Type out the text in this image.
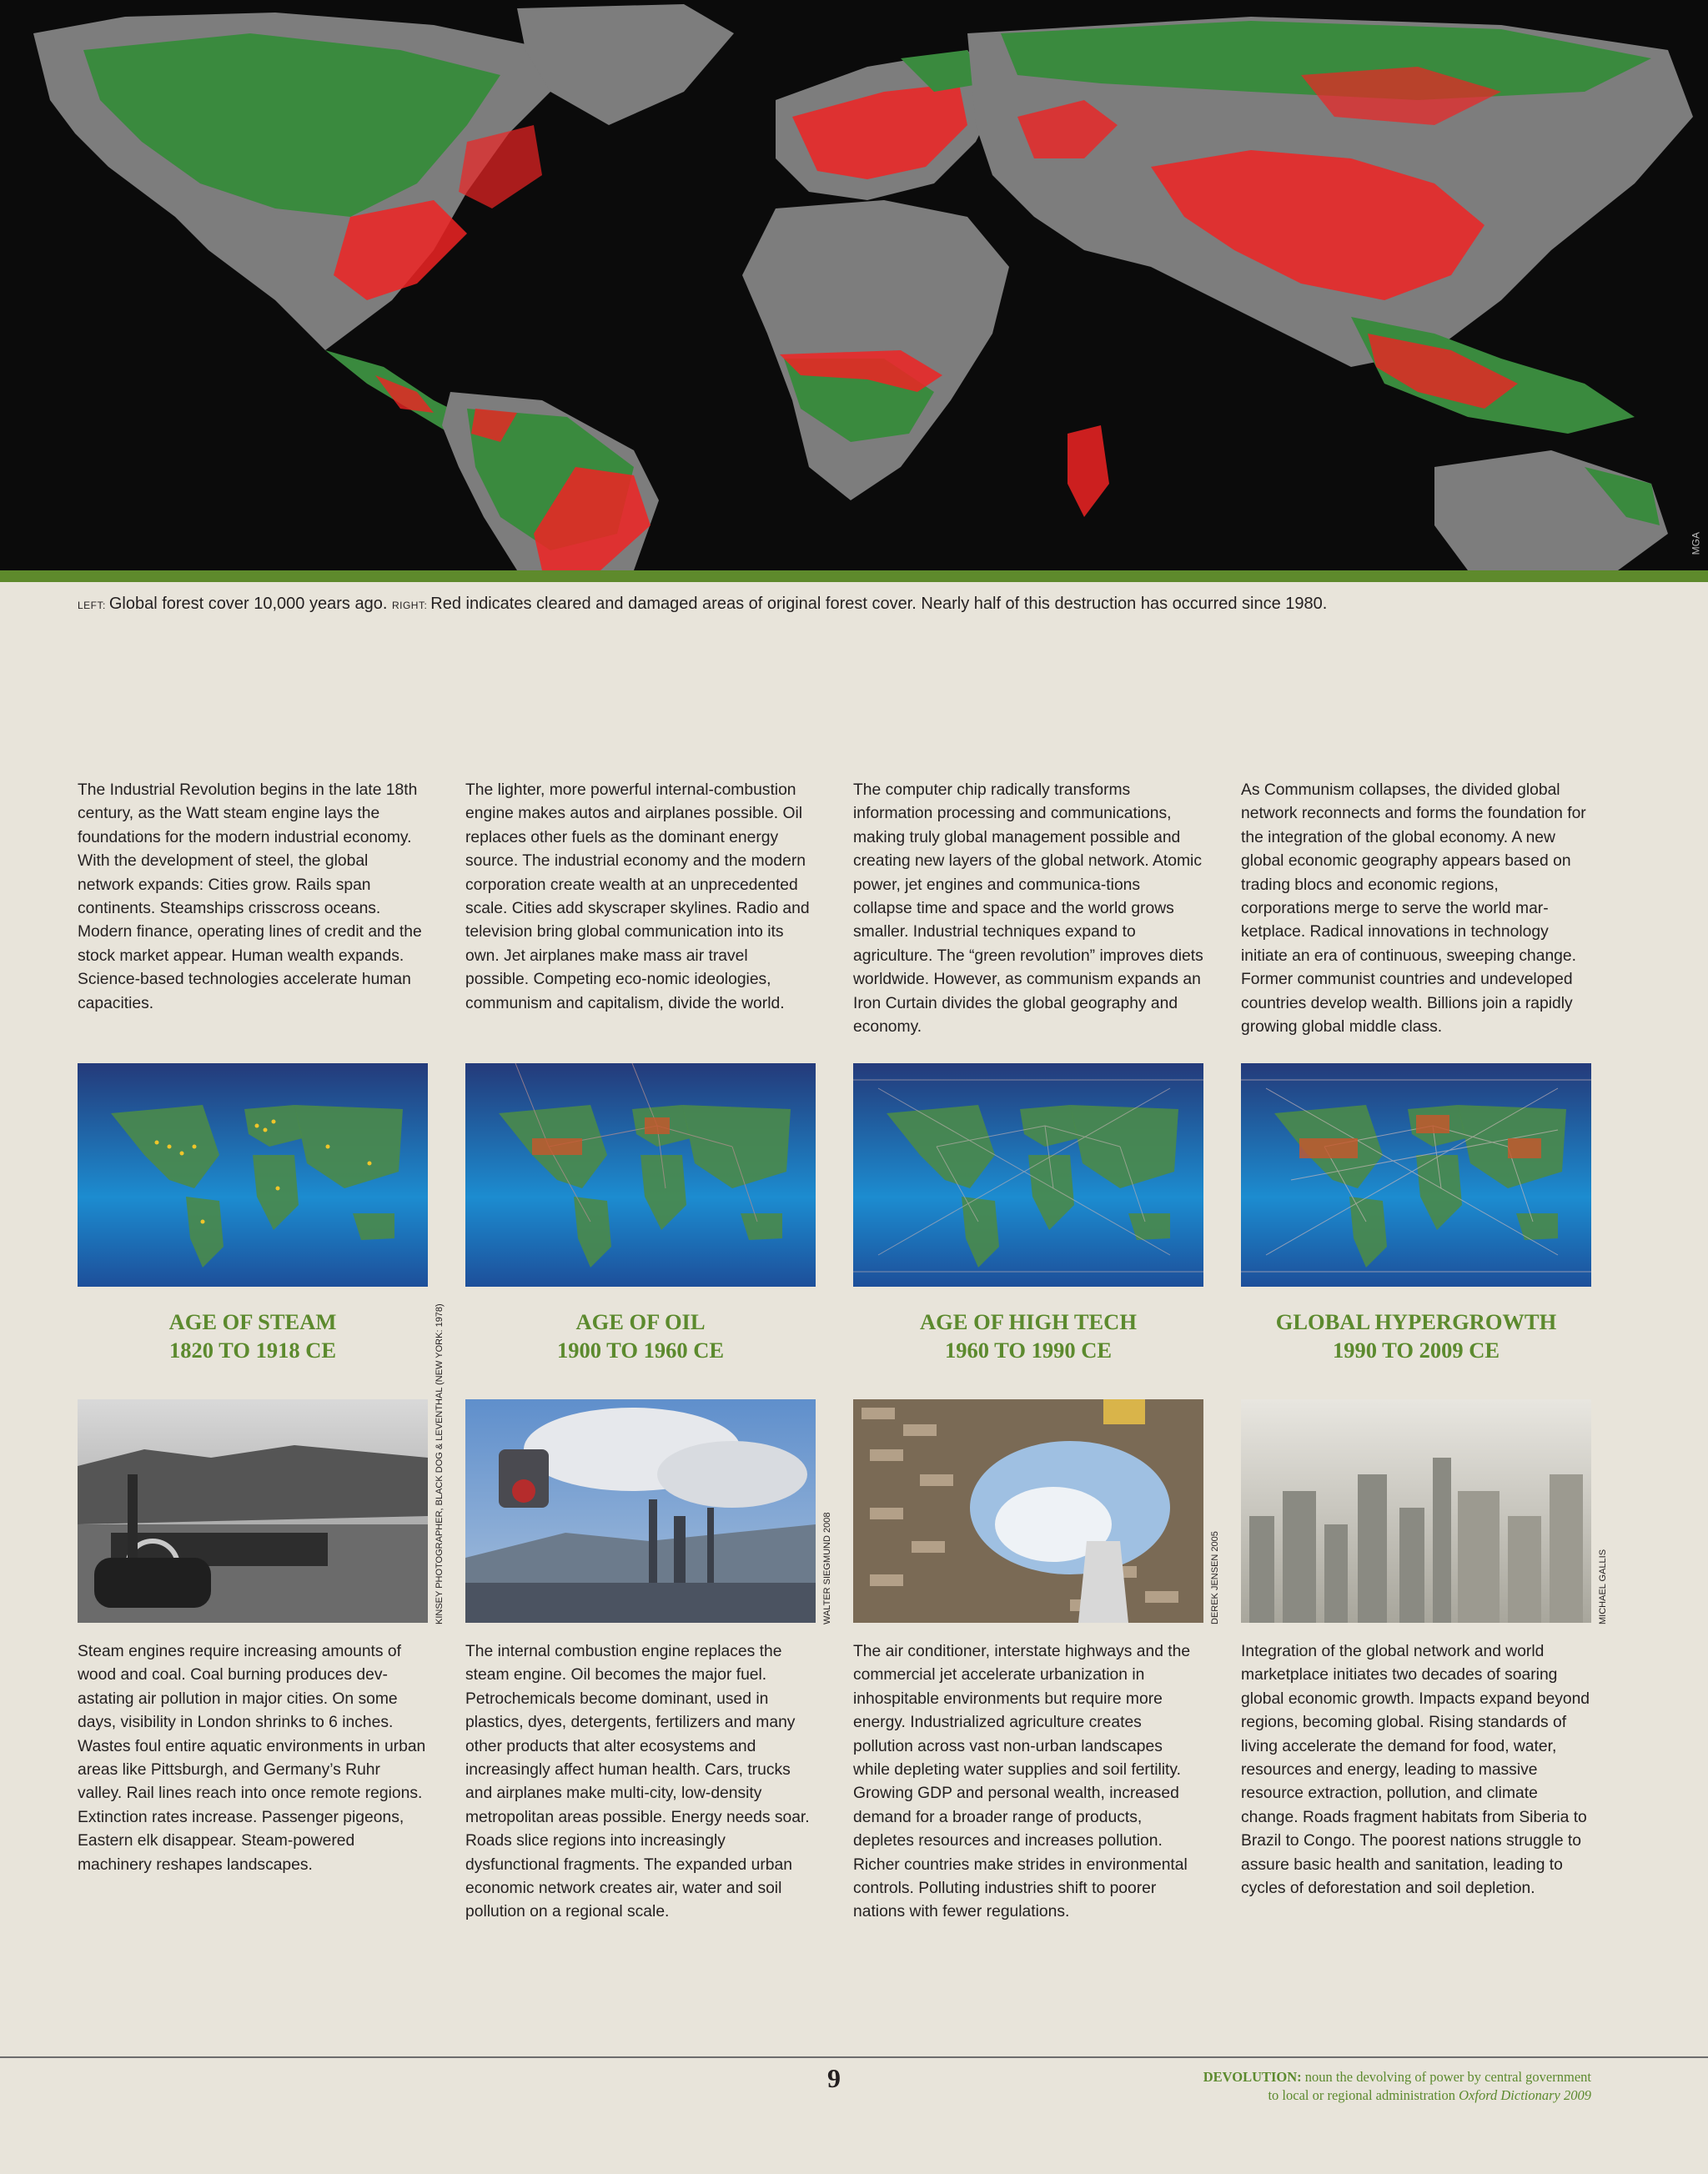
MGA
LEFT: Global forest cover 10,000 years ago. RIGHT: Red indicates cleared and damaged areas of original forest cover. Nearly half of this destruction has occurred since 1980.
The Industrial Revolution begins in the late 18th century, as the Watt steam engine lays the foundations for the modern industrial economy. With the development of steel, the global network expands: Cities grow. Rails span continents. Steamships crisscross oceans. Modern finance, operating lines of credit and the stock market appear. Human wealth expands. Science-based technologies accelerate human capacities.
AGE OF STEAM
1820 TO 1918 CE	KINSEY PHOTOGRAPHER, BLACK DOG & LEVENTHAL (NEW YORK: 1978)
Steam engines require increasing amounts of wood and coal. Coal burning produces dev-astating air pollution in major cities. On some days, visibility in London shrinks to 6 inches. Wastes foul entire aquatic environments in urban areas like Pittsburgh, and Germany’s Ruhr valley. Rail lines reach into once remote regions. Extinction rates increase. Passenger pigeons, Eastern elk disappear. Steam-powered machinery reshapes landscapes.
The lighter, more powerful internal-combustion engine makes autos and airplanes possible. Oil replaces other fuels as the dominant energy source. The industrial economy and the modern corporation create wealth at an unprecedented scale. Cities add skyscraper skylines. Radio and television bring global communication into its own. Jet airplanes make mass air travel possible. Competing eco-nomic ideologies, communism and capitalism, divide the world.
AGE OF OIL
1900 TO 1960 CE
WALTER SIEGMUND 2008
The internal combustion engine replaces the steam engine. Oil becomes the major fuel. Petrochemicals become dominant, used in plastics, dyes, detergents, fertilizers and many other products that alter ecosystems and increasingly affect human health. Cars, trucks and airplanes make multi-city, low-density metropolitan areas possible. Energy needs soar. Roads slice regions into increasingly dysfunctional fragments. The expanded urban economic network creates air, water and soil pollution on a regional scale.
The computer chip radically transforms information processing and communications, making truly global management possible and creating new layers of the global network. Atomic power, jet engines and communica-tions collapse time and space and the world grows smaller. Industrial techniques expand to agriculture. The “green revolution” improves diets worldwide. However, as communism expands an Iron Curtain divides the global geography and economy.
AGE OF HIGH TECH
1960 TO 1990 CE
DEREK JENSEN 2005
The air conditioner, interstate highways and the commercial jet accelerate urbanization in inhospitable environments but require more energy. Industrialized agriculture creates pollution across vast non-urban landscapes while depleting water supplies and soil fertility. Growing GDP and personal wealth, increased demand for a broader range of products, depletes resources and increases pollution. Richer countries make strides in environmental controls. Polluting industries shift to poorer nations with fewer regulations.
As Communism collapses, the divided global network reconnects and forms the foundation for the integration of the global economy. A new global economic geography appears based on trading blocs and economic regions, corporations merge to serve the world mar-ketplace. Radical innovations in technology initiate an era of continuous, sweeping change. Former communist countries and undeveloped countries develop wealth. Billions join a rapidly growing global middle class.
GLOBAL HYPERGROWTH
1990 TO 2009 CE
MICHAEL GALLIS
Integration of the global network and world marketplace initiates two decades of soaring global economic growth. Impacts expand beyond regions, becoming global. Rising standards of living accelerate the demand for food, water, resources and energy, leading to massive resource extraction, pollution, and climate change. Roads fragment habitats from Siberia to Brazil to Congo. The poorest nations struggle to assure basic health and sanitation, leading to cycles of deforestation and soil depletion.
9	DEVOLUTION: noun the devolving of power by central government
to local or regional administration Oxford Dictionary 2009
